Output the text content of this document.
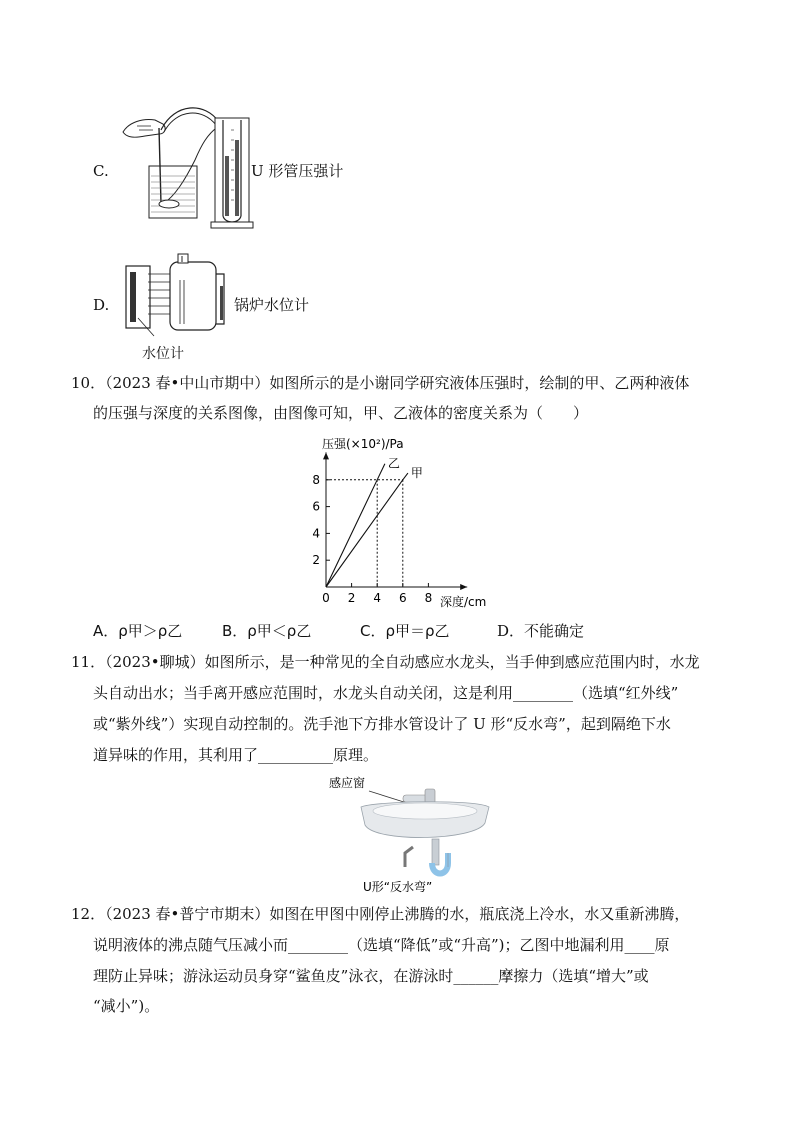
C.	U 形管压强计
D.	锅炉水位计
水位计
10．（2023 春•中山市期中）如图所示的是小谢同学研究液体压强时，绘制的甲、乙两种液体
的压强与深度的关系图像，由图像可知，甲、乙液体的密度关系为（　　）
压强(×10²)/Pa
深度/cm
0 2 4 6 8
2
4
6
8
乙
甲
A．ρ甲＞ρ乙	B．ρ甲＜ρ乙	C．ρ甲＝ρ乙	D．不能确定
11．（2023•聊城）如图所示，是一种常见的全自动感应水龙头，当手伸到感应范围内时，水龙
头自动出水；当手离开感应范围时，水龙头自动关闭，这是利用________（选填“红外线”
或“紫外线”）实现自动控制的。洗手池下方排水管设计了 U 形“反水弯”，起到隔绝下水
道异味的作用，其利用了__________原理。
感应窗
U形“反水弯”
12．（2023 春•普宁市期末）如图在甲图中刚停止沸腾的水，瓶底浇上冷水，水又重新沸腾，
说明液体的沸点随气压减小而________（选填“降低”或“升高”)；乙图中地漏利用____原
理防止异味；游泳运动员身穿“鲨鱼皮”泳衣，在游泳时______摩擦力（选填“增大”或
“减小”)。
